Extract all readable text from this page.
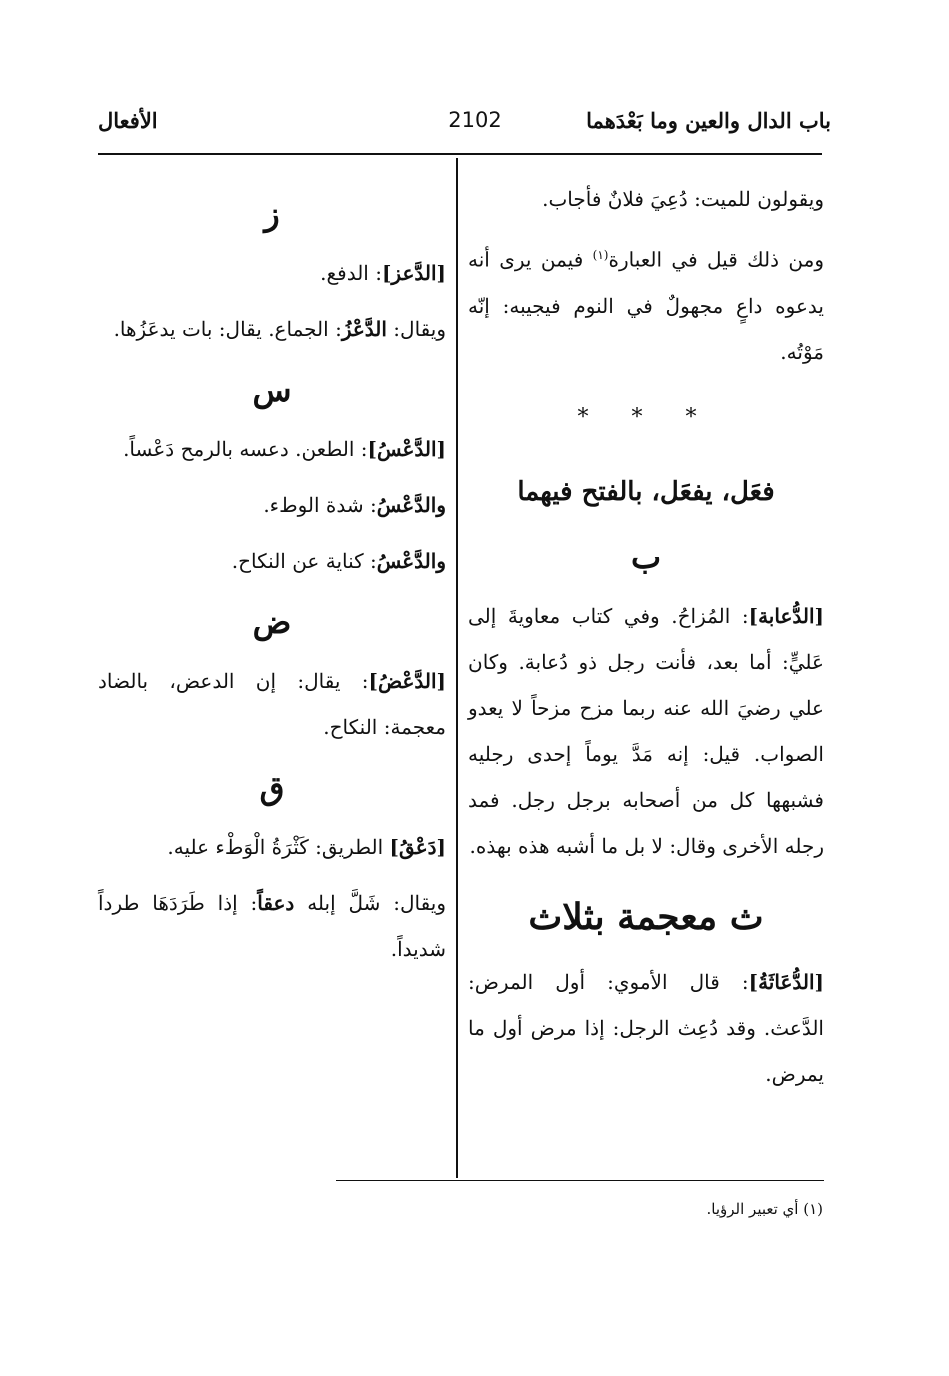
باب الدال والعين وما بَعْدَهما
2102
الأفعال

ويقولون للميت: دُعِيَ فلانٌ فأجاب.

ومن ذلك قيل في العبارة$^{(١)}$ فيمن يرى أنه يدعوه داعٍ مجهولٌ في النوم فيجيبه: إنّه مَوْتُه.

* * *
فعَل، يفعَل، بالفتح فيهما
ب

[الدُّعابة]: المُزاحُ. وفي كتاب معاويةَ إلى عَليٍّ: أما بعد، فأنت رجل ذو دُعابة. وكان علي رضيَ الله عنه ربما مزح مزحاً لا يعدو الصواب. قيل: إنه مَدَّ يوماً إحدى رجليه فشبهها كل من أصحابه برجل رجل. فمد رجله الأخرى وقال: لا بل ما أشبه هذه بهذه.

ث معجمة بثلاث

[الدُّعَاثَةُ]: قال الأموي: أول المرض: الدَّعث. وقد دُعِث الرجل: إذا مرض أول ما يمرض.

ز

[الدَّعز]: الدفع.

ويقال: الدَّعْزُ: الجماع. يقال: بات يدعَزُها.

س

[الدَّعْسُ]: الطعن. دعسه بالرمح دَعْساً.

والدَّعْسُ: شدة الوطء.

والدَّعْسُ: كناية عن النكاح.

ض

[الدَّعْضُ]: يقال: إن الدعض، بالضاد معجمة: النكاح.

ق

[دَعْقُ] الطريق: كَثْرَةُ الْوَطْء عليه.

ويقال: شَلَّ إبله دعقاً: إذا طَرَدَهَا طرداً شديداً.

(١) أي تعبير الرؤيا.
